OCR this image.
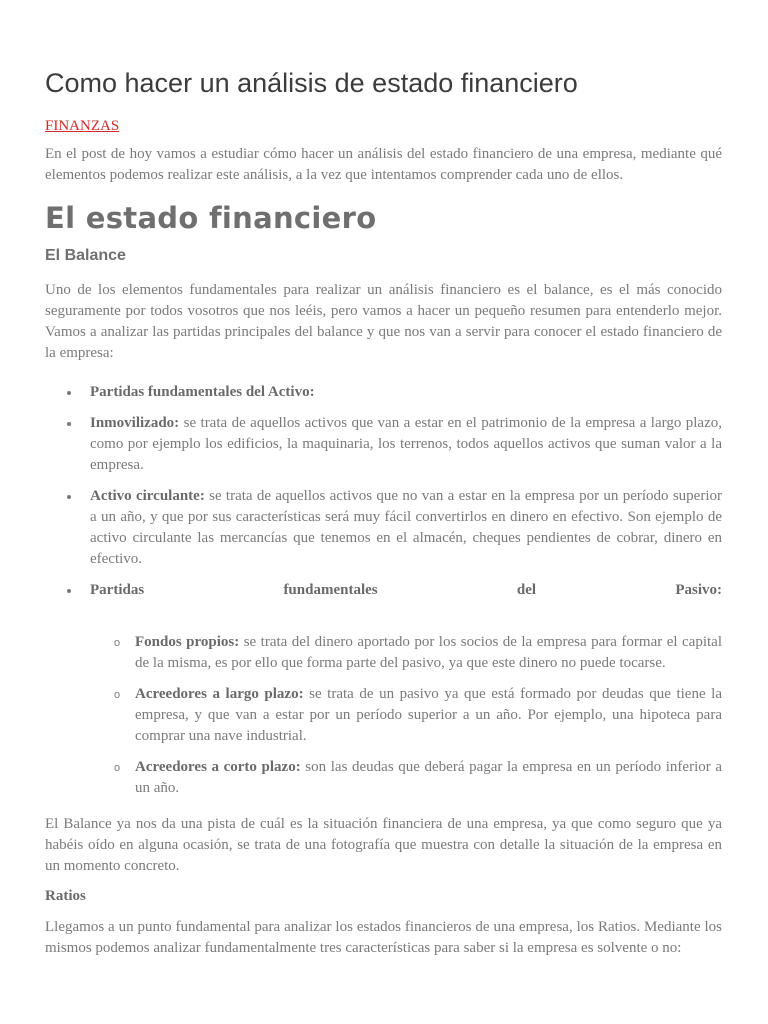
Como hacer un análisis de estado financiero
FINANZAS

En el post de hoy vamos a estudiar cómo hacer un análisis del estado financiero de una empresa, mediante qué elementos podemos realizar este análisis, a la vez que intentamos comprender cada uno de ellos.

El estado financiero
El Balance

Uno de los elementos fundamentales para realizar un análisis financiero es el balance, es el más conocido seguramente por todos vosotros que nos leéis, pero vamos a hacer un pequeño resumen para entenderlo mejor. Vamos a analizar las partidas principales del balance y que nos van a servir para conocer el estado financiero de la empresa:

Partidas fundamentales del Activo:
Inmovilizado: se trata de aquellos activos que van a estar en el patrimonio de la empresa a largo plazo, como por ejemplo los edificios, la maquinaria, los terrenos, todos aquellos activos que suman valor a la empresa.
Activo circulante: se trata de aquellos activos que no van a estar en la empresa por un período superior a un año, y que por sus características será muy fácil convertirlos en dinero en efectivo. Son ejemplo de activo circulante las mercancías que tenemos en el almacén, cheques pendientes de cobrar, dinero en efectivo.
Partidas	fundamentales	del	Pasivo:
o Fondos propios: se trata del dinero aportado por los socios de la empresa para formar el capital de la misma, es por ello que forma parte del pasivo, ya que este dinero no puede tocarse.
o Acreedores a largo plazo: se trata de un pasivo ya que está formado por deudas que tiene la empresa, y que van a estar por un período superior a un año. Por ejemplo, una hipoteca para comprar una nave industrial.
o Acreedores a corto plazo: son las deudas que deberá pagar la empresa en un período inferior a un año.

El Balance ya nos da una pista de cuál es la situación financiera de una empresa, ya que como seguro que ya habéis oído en alguna ocasión, se trata de una fotografía que muestra con detalle la situación de la empresa en un momento concreto.

Ratios

Llegamos a un punto fundamental para analizar los estados financieros de una empresa, los Ratios. Mediante los mismos podemos analizar fundamentalmente tres características para saber si la empresa es solvente o no:
